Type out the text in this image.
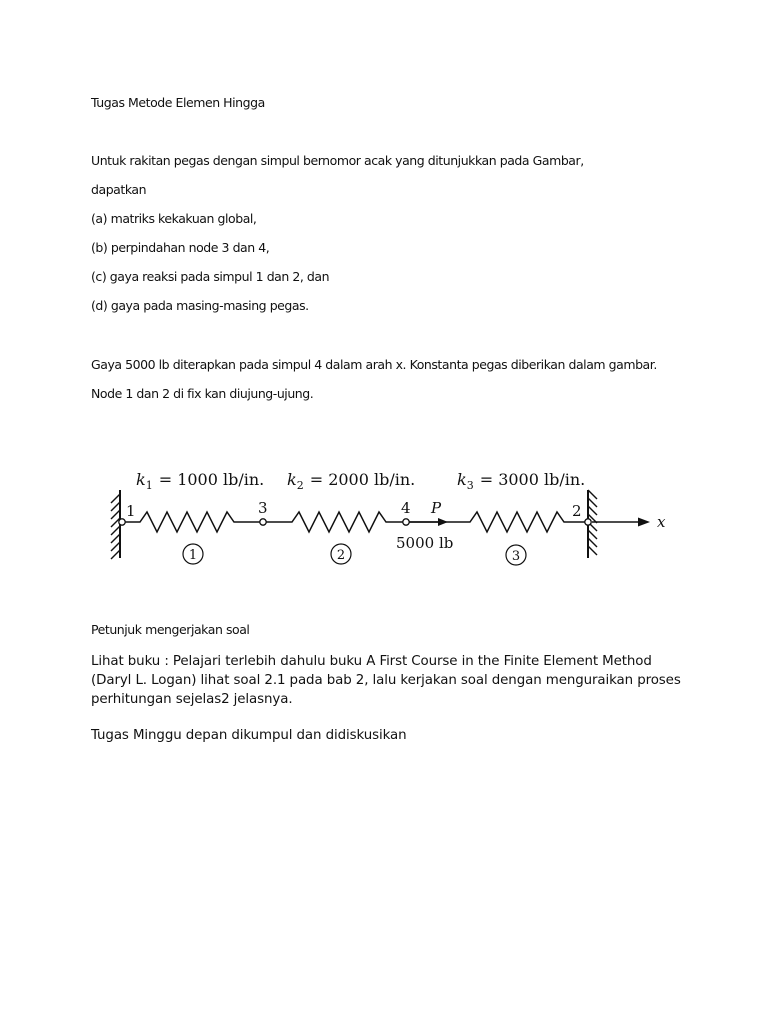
Tugas Metode Elemen Hingga

Untuk rakitan pegas dengan simpul bernomor acak yang ditunjukkan pada Gambar,

dapatkan

(a) matriks kekakuan global,

(b) perpindahan node 3 dan 4,

(c) gaya reaksi pada simpul 1 dan 2, dan

(d) gaya pada masing-masing pegas.

Gaya 5000 lb diterapkan pada simpul 4 dalam arah x. Konstanta pegas diberikan dalam gambar.

Node 1 dan 2 di fix kan diujung-ujung.

$k_1 = 1000$ lb/in. $k_2 = 2000$ lb/in.	$k_3 = 3000$ lb/in.
1	3	4	2
P
5000 lb
x
1	2	3

Petunjuk mengerjakan soal

Lihat buku : Pelajari terlebih dahulu buku A First Course in the Finite Element Method (Daryl L. Logan) lihat soal 2.1 pada bab 2, lalu kerjakan soal dengan menguraikan proses perhitungan sejelas2 jelasnya.

Tugas Minggu depan dikumpul dan didiskusikan
